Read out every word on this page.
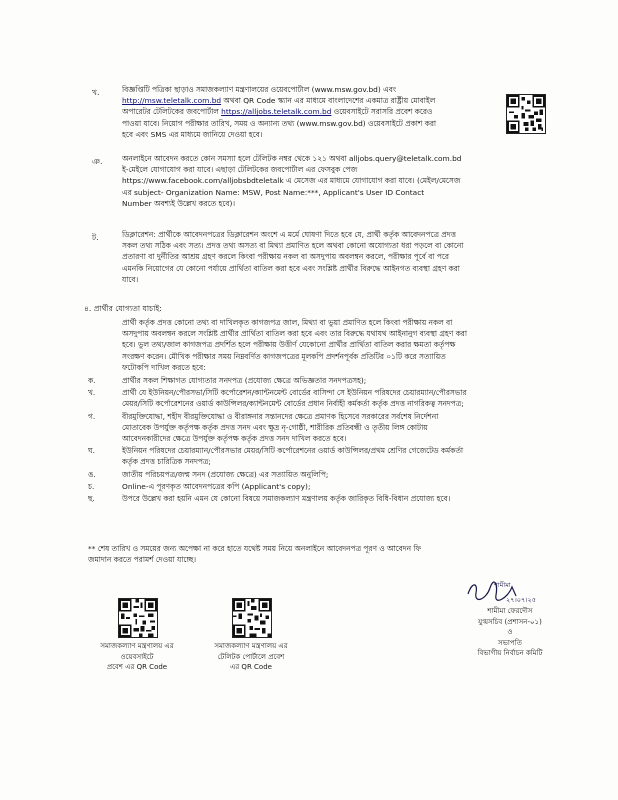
খ.	বিজ্ঞপ্তিটি পত্রিকা ছাড়াও সমাজকল্যাণ মন্ত্রণালয়ের ওয়েবপোর্টাল (www.msw.gov.bd) এবং
http://msw.teletalk.com.bd অথবা QR Code স্ক্যান এর মাধ্যমে বাংলাদেশের একমাত্র রাষ্ট্রীয় মোবাইল
অপারেটর টেলিটকের জবপোর্টাল https://alljobs.teletalk.com.bd ওয়েবসাইটে সরাসরি প্রবেশ করেও
পাওয়া যাবে। নিয়োগ পরীক্ষার তারিখ, সময় ও অন্যান্য তথ্য (www.msw.gov.bd) ওয়েবসাইটে প্রকাশ করা
হবে এবং SMS এর মাধ্যমে জানিয়ে দেওয়া হবে।
ঞ.	অনলাইনে আবেদন করতে কোন সমস্যা হলে টেলিটক নম্বর থেকে ১২১ অথবা alljobs.query@teletalk.com.bd
ই-মেইলে যোগাযোগ করা যাবে। এছাড়া টেলিটকের জবপোর্টাল এর ফেসবুক পেজ
https://www.facebook.com/alljobsbdteletalk এ মেসেজ এর মাধ্যমে যোগাযোগ করা যাবে। (মেইল/মেসেজ
এর subject- Organization Name: MSW, Post Name:***, Applicant's User ID Contact
Number অবশ্যই উল্লেখ করতে হবে)।
ট.	ডিক্লারেশন: প্রার্থীকে আবেদনপত্রের ডিক্লারেশন অংশে এ মর্মে ঘোষণা দিতে হবে যে, প্রার্থী কর্তৃক আবেদনপত্রে প্রদত্ত
সকল তথ্য সঠিক এবং সত্য। প্রদত্ত তথ্য অসত্য বা মিথ্যা প্রমাণিত হলে অথবা কোনো অযোগ্যতা ধরা পড়লে বা কোনো
প্রতারণা বা দুর্নীতির আশ্রয় গ্রহণ করলে কিংবা পরীক্ষায় নকল বা অসদুপায় অবলম্বন করলে, পরীক্ষার পূর্বে বা পরে
এমনকি নিয়োগের যে কোনো পর্যায়ে প্রার্থিতা বাতিল করা হবে এবং সংশ্লিষ্ট প্রার্থীর বিরুদ্ধে আইনগত ব্যবস্থা গ্রহণ করা
যাবে।
৪. প্রার্থীর যোগ্যতা যাচাই:
প্রার্থী কর্তৃক প্রদত্ত কোনো তথ্য বা দাখিলকৃত কাগজপত্র জাল, মিথ্যা বা ভুয়া প্রমাণিত হলে কিংবা পরীক্ষায় নকল বা
অসদুপায় অবলম্বন করলে সংশ্লিষ্ট প্রার্থীর প্রার্থিতা বাতিল করা হবে এবং তার বিরুদ্ধে যথাযথ আইনানুগ ব্যবস্থা গ্রহণ করা
হবে। ভুল তথ্য/জাল কাগজপত্র প্রদর্শিত হলে পরীক্ষায় উত্তীর্ণ যেকোনো প্রার্থীর প্রার্থিতা বাতিল করার ক্ষমতা কর্তৃপক্ষ
সংরক্ষণ করেন। মৌখিক পরীক্ষার সময় নিম্নবর্ণিত কাগজপত্রের মূলকপি প্রদর্শনপূর্বক প্রতিটির ০১টি করে সত্যায়িত
ফটোকপি দাখিল করতে হবে:
ক.	প্রার্থীর সকল শিক্ষাগত যোগ্যতার সনদপত্র (প্রযোজ্য ক্ষেত্রে অভিজ্ঞতার সনদপত্রসহ);
খ.	প্রার্থী যে ইউনিয়ন/পৌরসভা/সিটি কর্পোরেশন/ক্যান্টনমেন্ট বোর্ডের বাসিন্দা সে ইউনিয়ন পরিষদের চেয়ারম্যান/পৌরসভার
মেয়র/সিটি কর্পোরেশনের ওয়ার্ড কাউন্সিলর/ক্যান্টনমেন্ট বোর্ডের প্রধান নির্বাহী কর্মকর্তা কর্তৃক প্রদত্ত নাগরিকত্ব সনদপত্র;
গ.	বীরমুক্তিযোদ্ধা, শহীদ বীরমুক্তিযোদ্ধা ও বীরাঙ্গনার সন্তানদের ক্ষেত্রে প্রমাণক হিসেবে সরকারের সর্বশেষ নির্দেশনা
মোতাবেক উপর্যুক্ত কর্তৃপক্ষ কর্তৃক প্রদত্ত সনদ এবং ক্ষুদ্র নৃ-গোষ্ঠী, শারীরিক প্রতিবন্ধী ও তৃতীয় লিঙ্গ কোটায়
আবেদনকারীদের ক্ষেত্রে উপর্যুক্ত কর্তৃপক্ষ কর্তৃক প্রদত্ত সনদ দাখিল করতে হবে।
ঘ.	ইউনিয়ন পরিষদের চেয়ারম্যান/পৌরসভার মেয়র/সিটি কর্পোরেশনের ওয়ার্ড কাউন্সিলর/প্রথম শ্রেণির গেজেটেড কর্মকর্তা
কর্তৃক প্রদত্ত চারিত্রিক সনদপত্র;
ঙ.	জাতীয় পরিচয়পত্র/জন্ম সনদ (প্রযোজ্য ক্ষেত্রে) এর সত্যায়িত অনুলিপি;
চ.	Online-এ পূরণকৃত আবেদনপত্রের কপি (Applicant's copy);
ছ.	উপরে উল্লেখ করা হয়নি এমন যে কোনো বিষয়ে সমাজকল্যাণ মন্ত্রণালয় কর্তৃক জারিকৃত বিধি-বিধান প্রযোজ্য হবে।
** শেষ তারিখ ও সময়ের জন্য অপেক্ষা না করে হাতে যথেষ্ট সময় নিয়ে অনলাইনে আবেদনপত্র পূরণ ও আবেদন ফি
জমাদান করতে পরামর্শ দেওয়া যাচ্ছে।
শামীমা
২৭।০৭।২৫
শামীমা ফেরদৌস
যুগ্মসচিব (প্রশাসন-০১)
ও
সভাপতি
বিভাগীয় নির্বাচন কমিটি
সমাজকল্যাণ মন্ত্রণালয় এর
ওয়েবসাইটে
প্রবেশ এর QR Code
সমাজকল্যাণ মন্ত্রণালয় এর
টেলিটক পোর্টালে প্রবেশ
এর QR Code
